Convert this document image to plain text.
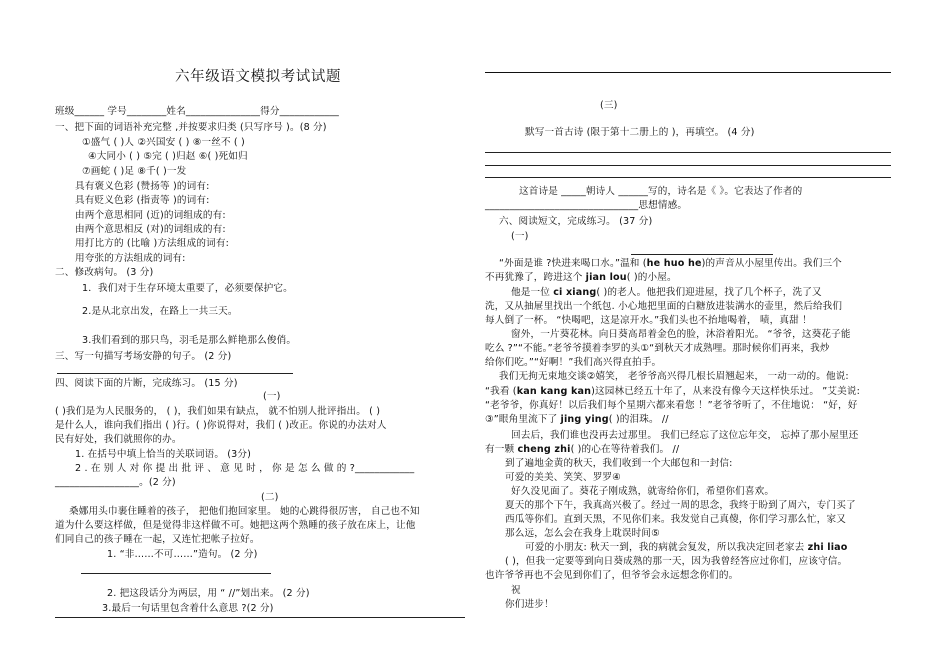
六年级语文模拟考试试题
班级______ 学号________姓名_______________得分____________
一、把下面的词语补充完整 ,并按要求归类 (只写序号 )。(8 分)
①盛气 ( )人 ②兴国安 ( ) ⑧一丝不 ( )
④大同小 ( ) ⑤完 ( )归赵 ⑥( )死如归
⑦画蛇 ( )足 ⑧千( )一发
具有褒义色彩 (赞扬等 )的词有:
具有贬义色彩 (指责等 )的词有:
由两个意思相同 (近)的词组成的有:
由两个意思相反 (对)的词组成的有:
用打比方的 (比喻 )方法组成的词有:
用夸张的方法组成的词有:
二、修改病句。 (3 分)
1．我们对于生存环境太重要了，必须要保护它。
2.是从北京出发，在路上一共三天。
3.我们看到的那只鸟，羽毛是那么鲜艳那么俊俏。
三、写一句描写考场安静的句子。 (2 分)
四、阅读下面的片断，完成练习。 (15 分)
(一)
( )我们是为人民服务的， ( )，我们如果有缺点， 就不怕别人批评指出。 ( )
是什么人，谁向我们指出 ( )行。( )你说得对，我们 ( )改正。你说的办法对人
民有好处，我们就照你的办。
1. 在括号中填上恰当的关联词语。 (3分)
2 . 在 别 人 对 你 提 出 批 评 、 意 见 时 ， 你 是 怎 么 做 的 ?____________
_________________。(2 分)
(二)
桑娜用头巾裹住睡着的孩子， 把他们抱回家里。 她的心跳得很厉害， 自己也不知
道为什么要这样做，但是觉得非这样做不可。她把这两个熟睡的孩子放在床上，让他
们同自己的孩子睡在一起，又连忙把帐子拉好。
1. “非……不可……”造句。 (2 分)
2. 把这段话分为两层，用 “ //”划出来。 (2 分)
3.最后一句话里包含着什么意思 ?(2 分)
(三)
默写一首古诗 (限于第十二册上的 )，再填空。 (4 分)
这首诗是 _____朝诗人 ______写的，诗名是《 》。它表达了作者的
_______________________________思想情感。
六、阅读短文，完成练习。 (37 分)
(一)
“外面是谁 ?快进来喝口水。”温和 (he huo he)的声音从小屋里传出。我们三个
不再犹豫了，跨进这个 jian lou( )的小屋。
他是一位 ci xiang( )的老人。他把我们迎进屋，找了几个杯子，洗了又
洗，又从抽屉里找出一个纸包. 小心地把里面的白糖放进装满水的壶里，然后给我们
每人倒了一杯。 “快喝吧，这是凉开水。”我们头也不抬地喝着， 啧，真甜 ！
窗外，一片葵花林。向日葵高昂着金色的脸，沐浴着阳光。 “爷爷，这葵花子能
吃么 ?”“不能。”老爷爷摸着李罗的头①“到秋天才成熟哩。那时候你们再来，我炒
给你们吃。”“好啊！”我们高兴得直拍手。
我们无拘无束地交谈②嬉笑， 老爷爷高兴得几根长眉翘起来， 一动一动的。他说:
“我看 (kan kang kan)这园林已经五十年了，从来没有像今天这样快乐过。 ”艾美说:
“老爷爷，你真好！以后我们每个星期六都来看您 ！”老爷爷听了，不住地说： “好，好
③”眼角里流下了 jing ying( )的泪珠。 //
回去后，我们谁也没再去过那里。 我们已经忘了这位忘年交， 忘掉了那小屋里还
有一颗 cheng zhi( )的心在等待着我们。 //
到了遍地金黄的秋天，我们收到一个大邮包和一封信:
可爱的美美、笑笑、罗罗④
好久没见面了。葵花子刚成熟，就寄给你们，希望你们喜欢。
夏天的那个下午，我真高兴极了。经过一周的思念，我终于盼到了周六，专门买了
西瓜等你们。直到天黑，不见你们来。我发觉自己真傻，你们学习那么忙，家又
那么远，怎么会在我身上耽误时间⑤
可爱的小朋友: 秋天一到，我的病就会复发，所以我决定回老家去 zhi liao
( )，但我一定要等到向日葵成熟的那一天，因为我曾经答应过你们，应该守信。
也许爷爷再也不会见到你们了，但爷爷会永远想念你们的。
祝
你们进步！
